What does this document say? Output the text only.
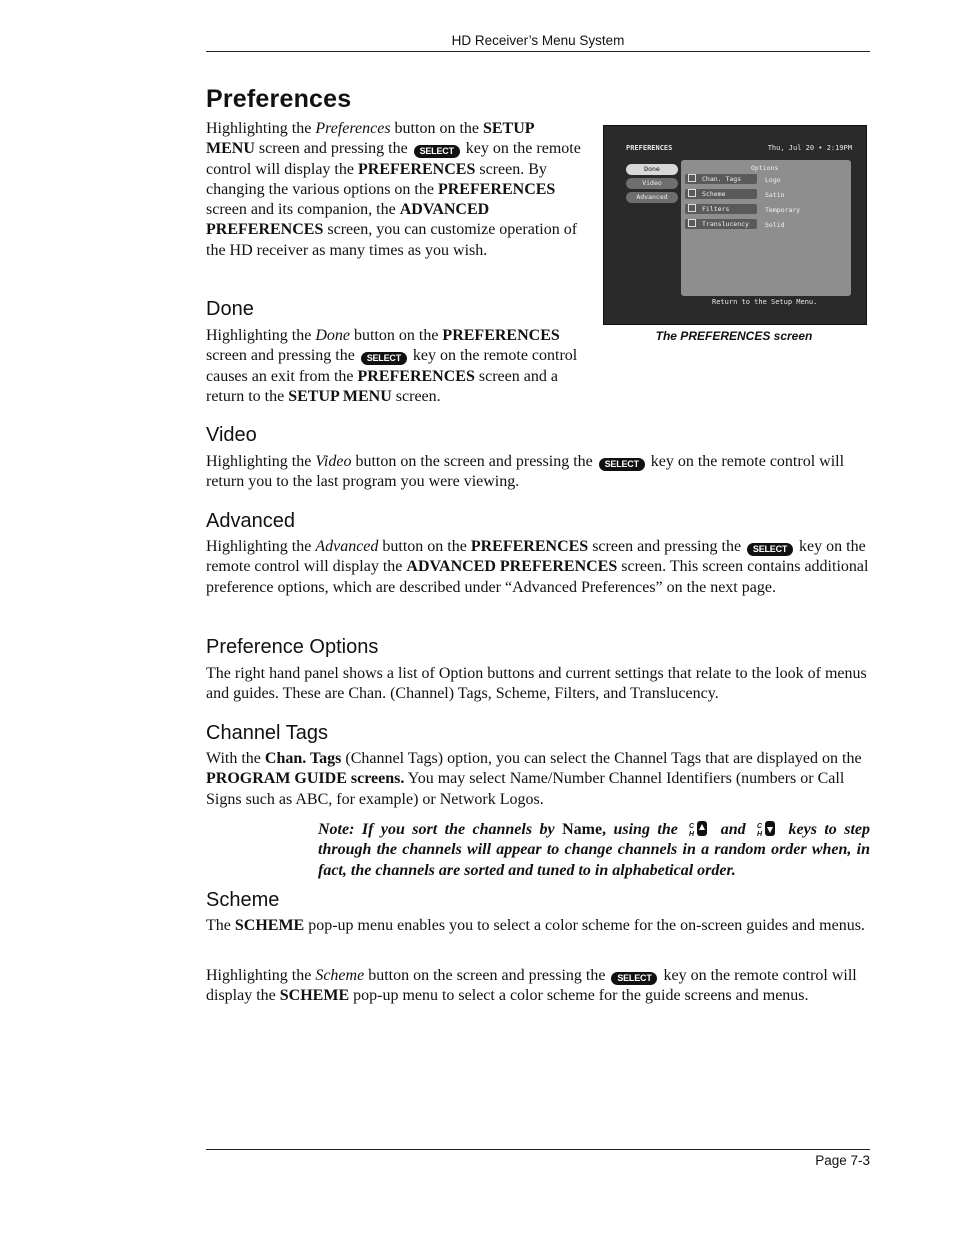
HD Receiver’s Menu System
Preferences
Highlighting the Preferences button on the SETUP MENU screen and pressing the SELECT key on the remote control will display the PREFERENCES screen. By changing the various options on the PREFERENCES screen and its companion, the ADVANCED PREFERENCES screen, you can customize operation of the HD receiver as many times as you wish.
PREFERENCES	Thu, Jul 20 • 2:19PM
Done
Video
Advanced
Options
Chan. Tags	Logo
Scheme	Satin
Filters	Temporary
Translucency	Solid
Return to the Setup Menu.
The PREFERENCES screen
Done
Highlighting the Done button on the PREFERENCES screen and pressing the SELECT key on the remote control causes an exit from the PREFERENCES screen and a return to the SETUP MENU screen.
Video
Highlighting the Video button on the screen and pressing the SELECT key on the remote control will return you to the last program you were viewing.
Advanced
Highlighting the Advanced button on the PREFERENCES screen and pressing the SELECT key on the remote control will display the ADVANCED PREFERENCES screen. This screen contains additional preference options, which are described under “Advanced Preferences” on the next page.
Preference Options
The right hand panel shows a list of Option buttons and current settings that relate to the look of menus and guides. These are Chan. (Channel) Tags, Scheme, Filters, and Translucency.
Channel Tags
With the Chan. Tags (Channel Tags) option, you can select the Channel Tags that are displayed on the PROGRAM GUIDE screens. You may select Name/Number Channel Identifiers (numbers or Call Signs such as ABC, for example) or Network Logos.
Note: If you sort the channels by Name, using the C
H and C
H keys to step through the channels will appear to change channels in a random order when, in fact, the channels are sorted and tuned to in alphabetical order.
Scheme
The SCHEME pop-up menu enables you to select a color scheme for the on-screen guides and menus.
Highlighting the Scheme button on the screen and pressing the SELECT key on the remote control will display the SCHEME pop-up menu to select a color scheme for the guide screens and menus.
Page 7-3
